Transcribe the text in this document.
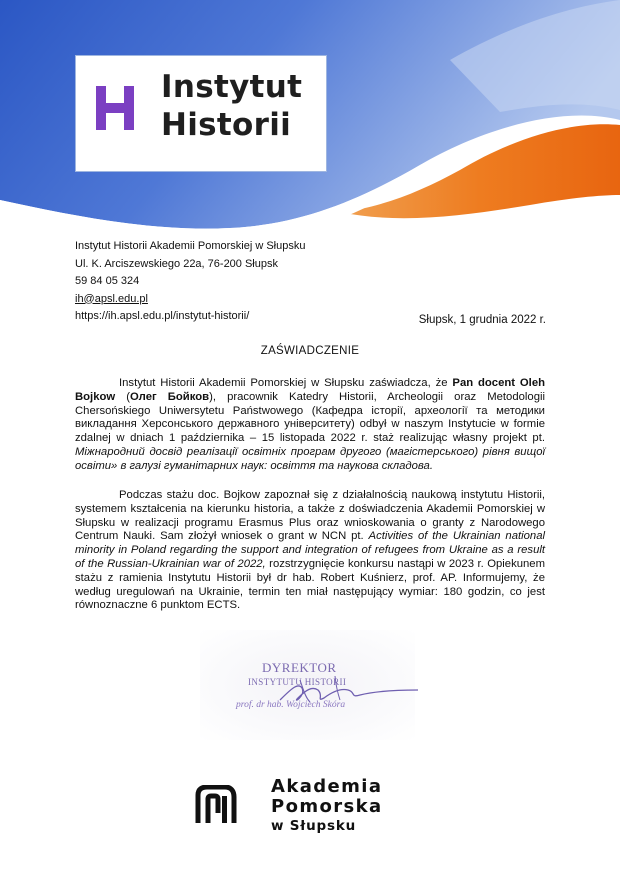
Instytut
Historii
Instytut Historii Akademii Pomorskiej w Słupsku
Ul. K. Arciszewskiego 22a, 76-200 Słupsk
59 84 05 324
ih@apsl.edu.pl
https://ih.apsl.edu.pl/instytut-historii/	Słupsk, 1 grudnia 2022 r.
ZAŚWIADCZENIE
Instytut Historii Akademii Pomorskiej w Słupsku zaświadcza, że Pan docent Oleh Bojkow (Олег Бойков), pracownik Katedry Historii, Archeologii oraz Metodologii Chersońskiego Uniwersytetu Państwowego (Кафедра історії, археології та методики викладання Херсонського державного університету) odbył w naszym Instytucie w formie zdalnej w dniach 1 października – 15 listopada 2022 r. staż realizując własny projekt pt. Міжнародний досвід реалізації освітніх програм другого (магістерського) рівня вищої освіти» в галузі гуманітарних наук: освіття та наукова складова.
Podczas stażu doc. Bojkow zapoznał się z działalnością naukową instytutu Historii, systemem kształcenia na kierunku historia, a także z doświadczenia Akademii Pomorskiej w Słupsku w realizacji programu Erasmus Plus oraz wnioskowania o granty z Narodowego Centrum Nauki. Sam złożył wniosek o grant w NCN pt. Activities of the Ukrainian national minority in Poland regarding the support and integration of refugees from Ukraine as a result of the Russian-Ukrainian war of 2022, rozstrzygnięcie konkursu nastąpi w 2023 r. Opiekunem stażu z ramienia Instytutu Historii był dr hab. Robert Kuśnierz, prof. AP. Informujemy, że według uregulowań na Ukrainie, termin ten miał następujący wymiar: 180 godzin, co jest równoznaczne 6 punktom ECTS.
DYREKTOR
INSTYTUTU HISTORII
prof. dr hab. Wojciech Skóra
Akademia
Pomorska
w Słupsku
